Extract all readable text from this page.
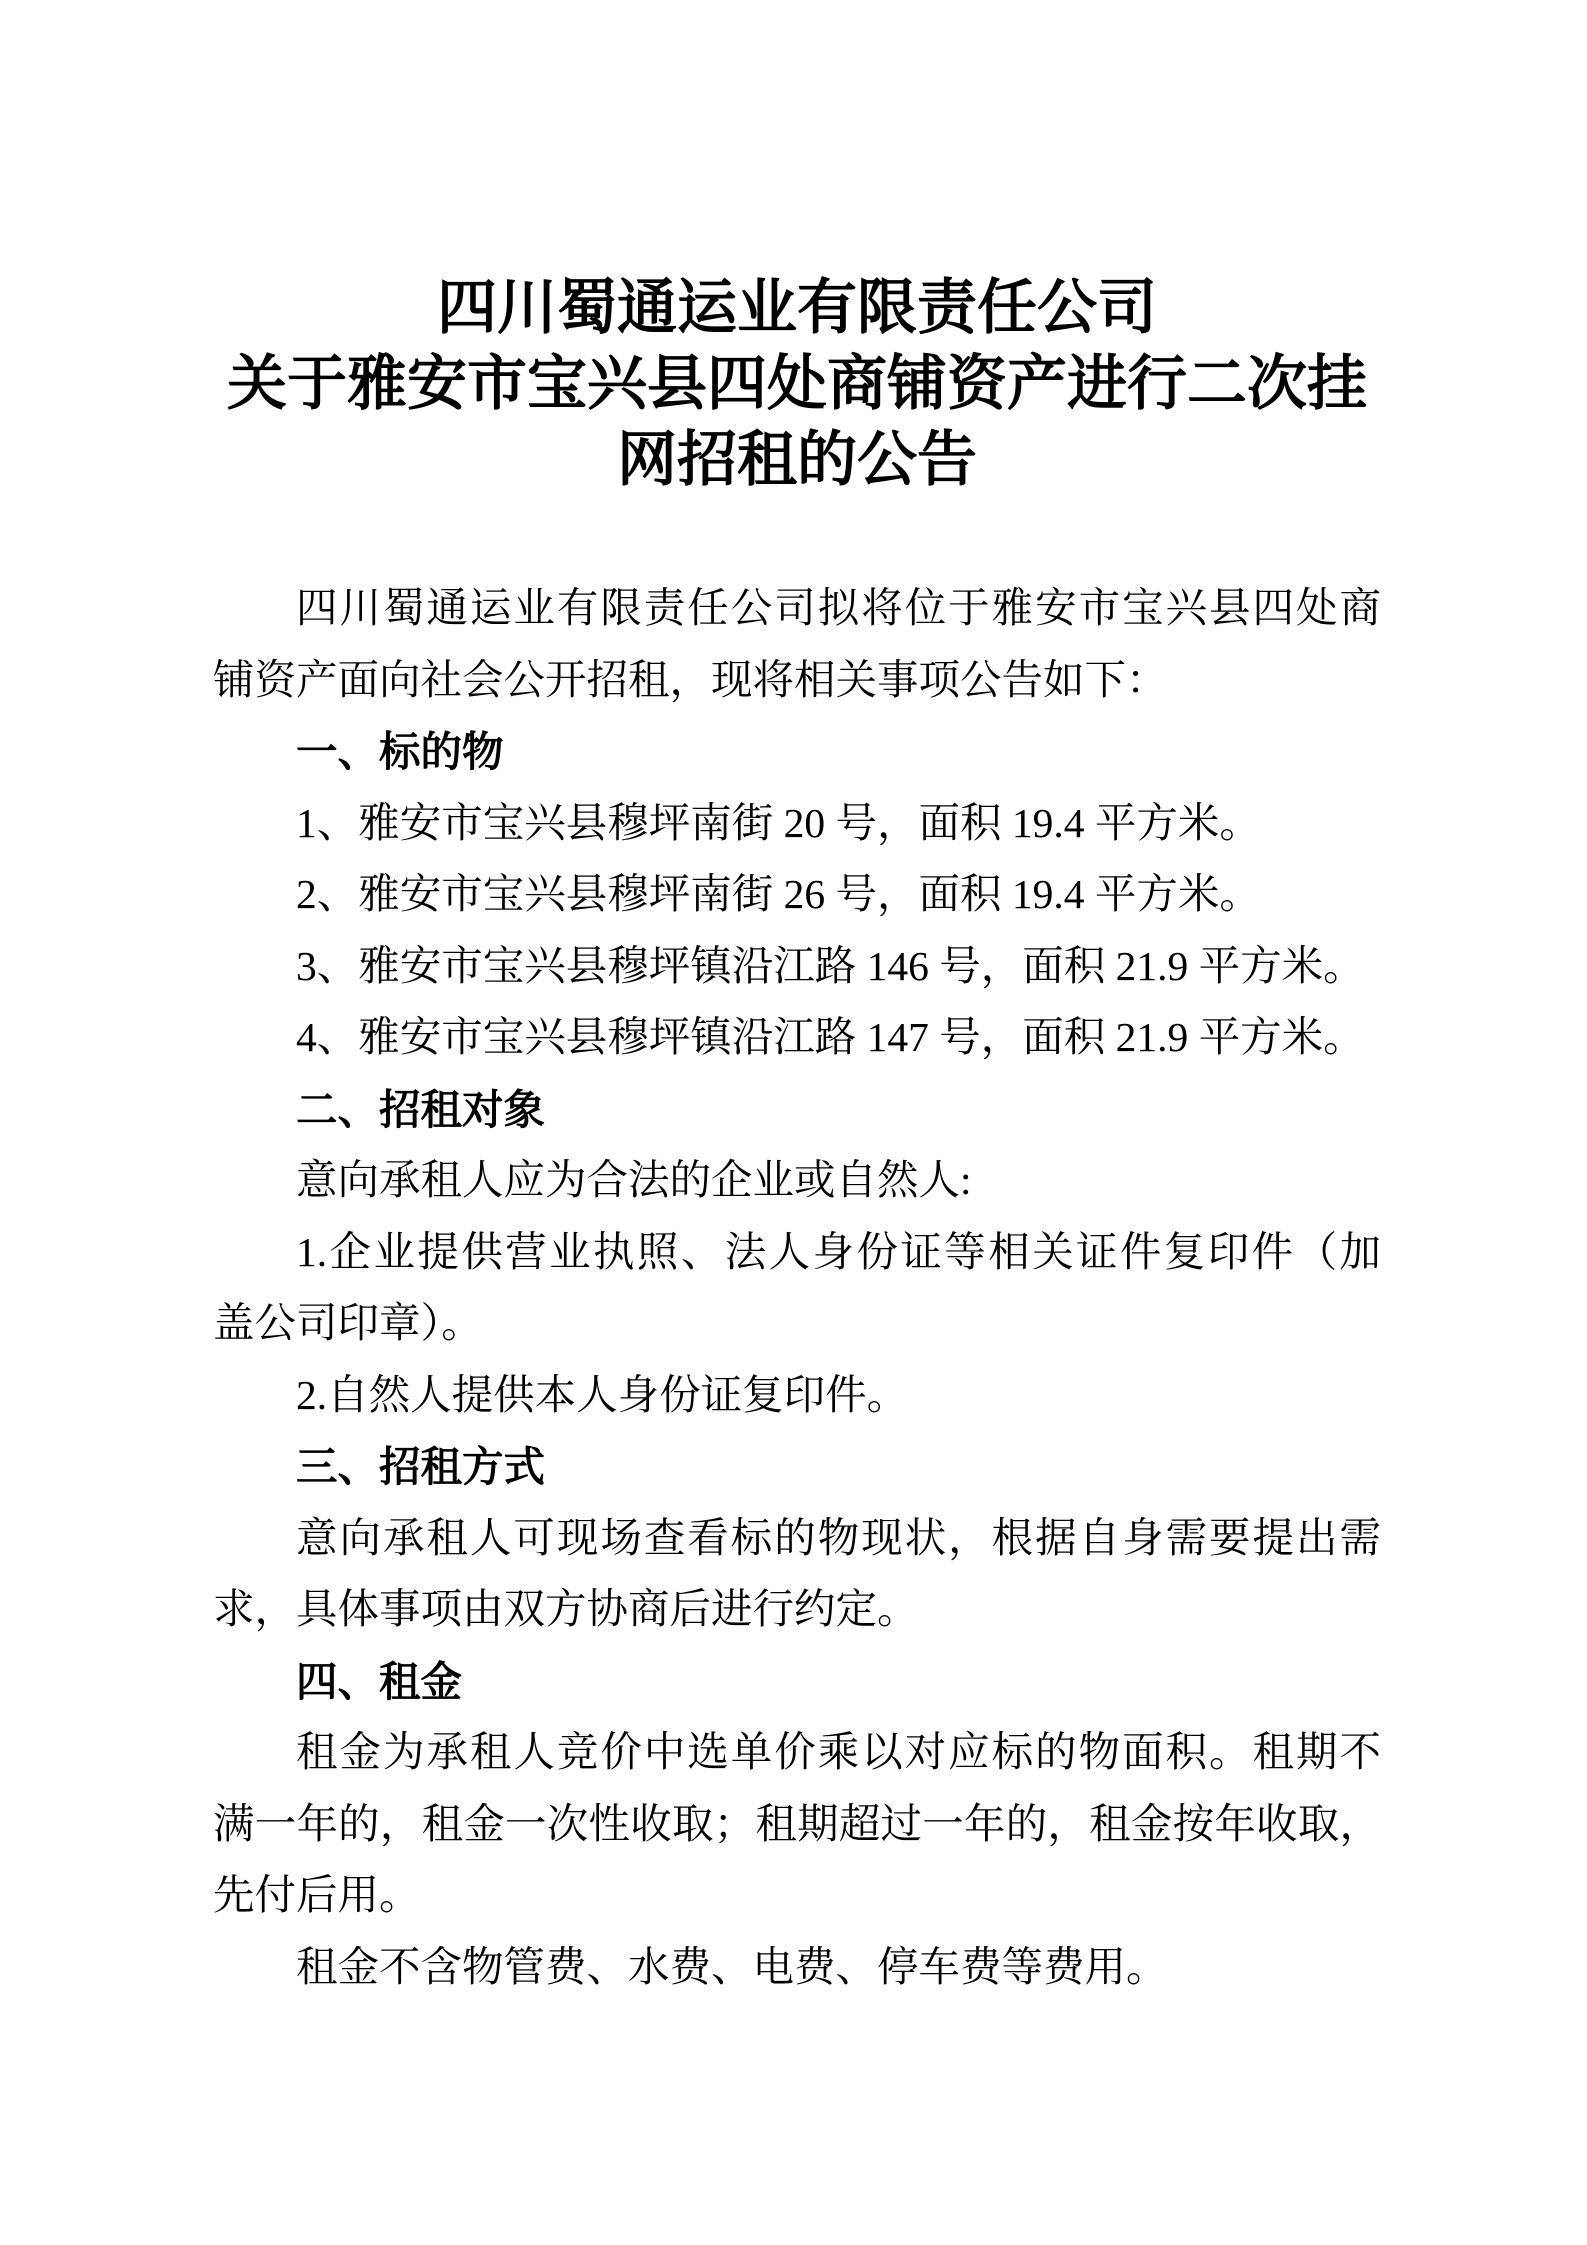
四川蜀通运业有限责任公司
关于雅安市宝兴县四处商铺资产进行二次挂
网招租的公告
四川蜀通运业有限责任公司拟将位于雅安市宝兴县四处商
铺资产面向社会公开招租，现将相关事项公告如下：
一、标的物
1、雅安市宝兴县穆坪南街 20 号，面积 19.4 平方米。
2、雅安市宝兴县穆坪南街 26 号，面积 19.4 平方米。
3、雅安市宝兴县穆坪镇沿江路 146 号，面积 21.9 平方米。
4、雅安市宝兴县穆坪镇沿江路 147 号，面积 21.9 平方米。
二、招租对象
意向承租人应为合法的企业或自然人:
1.企业提供营业执照、法人身份证等相关证件复印件（加
盖公司印章）。
2.自然人提供本人身份证复印件。
三、招租方式
意向承租人可现场查看标的物现状，根据自身需要提出需
求，具体事项由双方协商后进行约定。
四、租金
租金为承租人竞价中选单价乘以对应标的物面积。租期不
满一年的，租金一次性收取；租期超过一年的，租金按年收取，
先付后用。
租金不含物管费、水费、电费、停车费等费用。
